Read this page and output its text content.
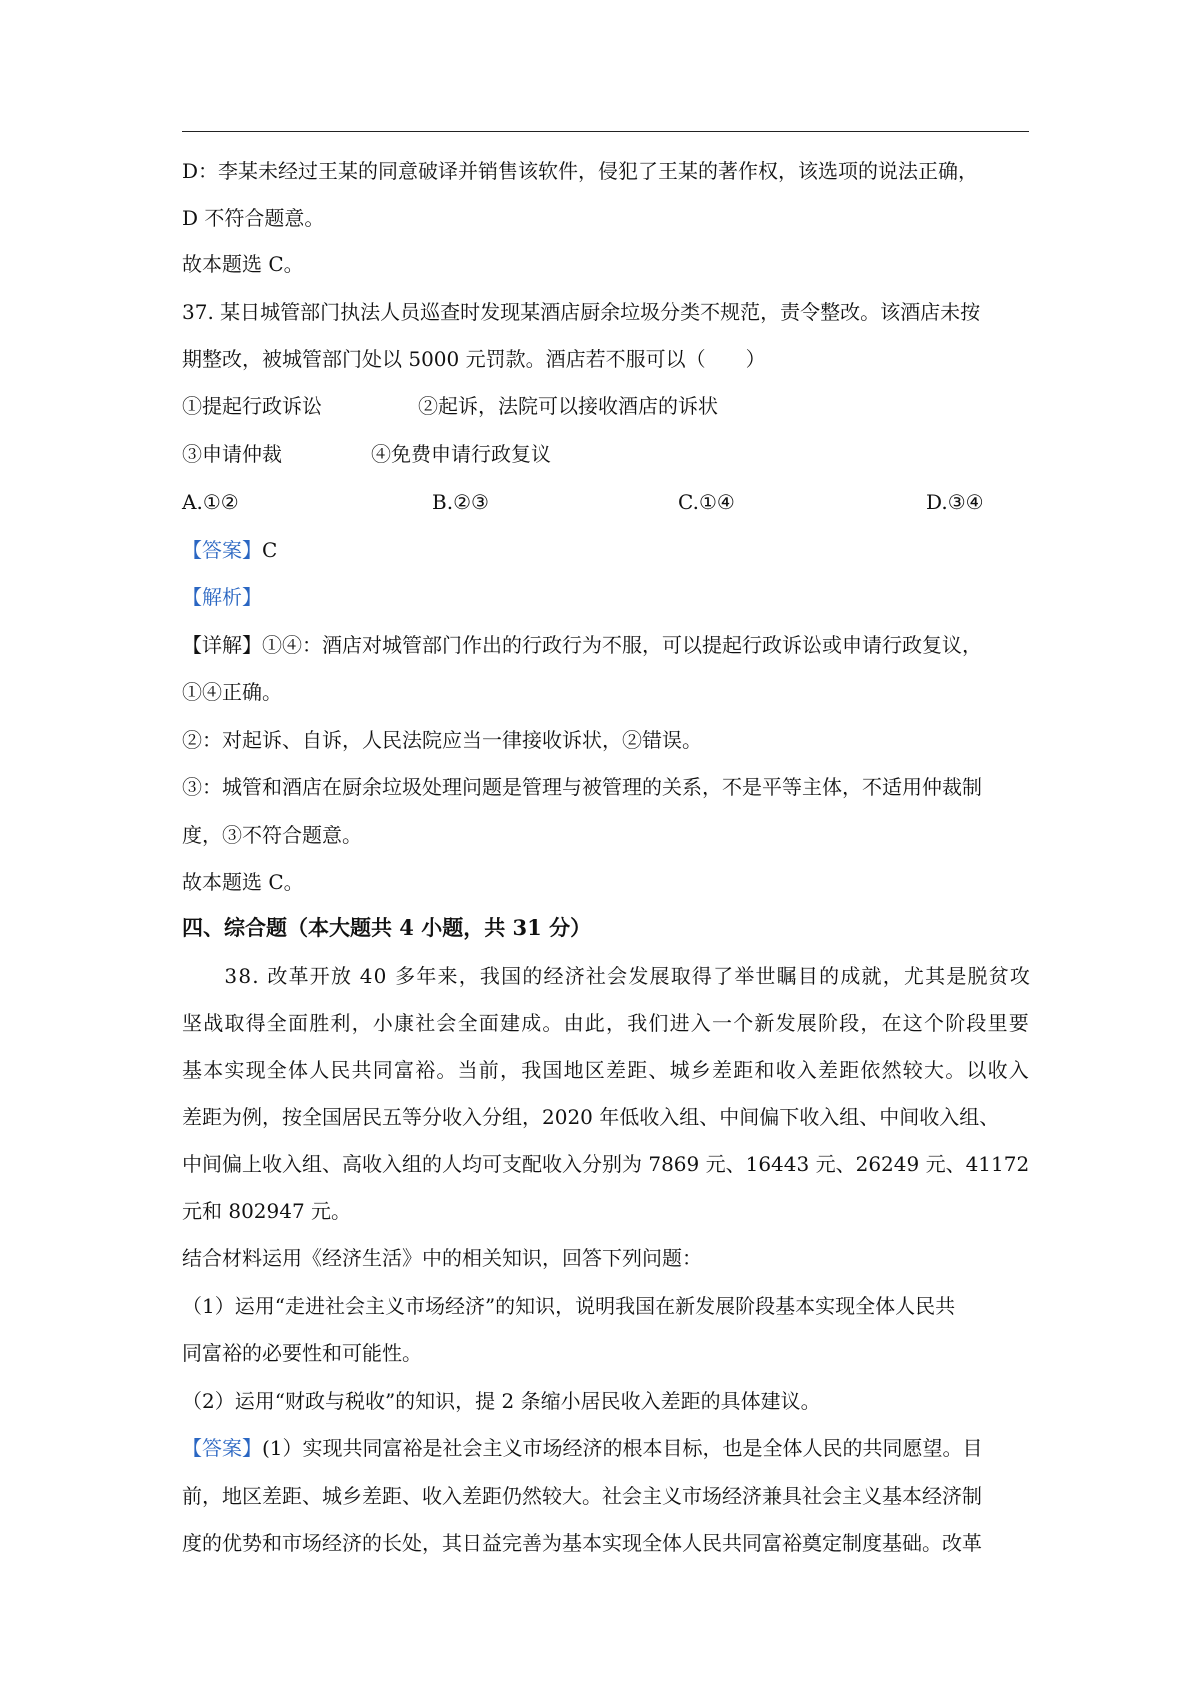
D：李某未经过王某的同意破译并销售该软件，侵犯了王某的著作权，该选项的说法正确，
D 不符合题意。
故本题选 C。
37. 某日城管部门执法人员巡查时发现某酒店厨余垃圾分类不规范，责令整改。该酒店未按
期整改，被城管部门处以 5000 元罚款。酒店若不服可以（　　）
①提起行政诉讼	②起诉，法院可以接收酒店的诉状
③申请仲裁	④免费申请行政复议
A.①②	B.②③	C.①④	D.③④
【答案】C
【解析】
【详解】①④：酒店对城管部门作出的行政行为不服，可以提起行政诉讼或申请行政复议，
①④正确。
②：对起诉、自诉，人民法院应当一律接收诉状，②错误。
③：城管和酒店在厨余垃圾处理问题是管理与被管理的关系，不是平等主体，不适用仲裁制
度，③不符合题意。
故本题选 C。
四、综合题（本大题共 4 小题，共 31 分）
　　38. 改革开放 40 多年来，我国的经济社会发展取得了举世瞩目的成就，尤其是脱贫攻
坚战取得全面胜利，小康社会全面建成。由此，我们进入一个新发展阶段，在这个阶段里要
基本实现全体人民共同富裕。当前，我国地区差距、城乡差距和收入差距依然较大。以收入
差距为例，按全国居民五等分收入分组，2020 年低收入组、中间偏下收入组、中间收入组、
中间偏上收入组、高收入组的人均可支配收入分别为 7869 元、16443 元、26249 元、41172
元和 802947 元。
结合材料运用《经济生活》中的相关知识，回答下列问题：
（1）运用“走进社会主义市场经济”的知识，说明我国在新发展阶段基本实现全体人民共
同富裕的必要性和可能性。
（2）运用“财政与税收”的知识，提 2 条缩小居民收入差距的具体建议。
【答案】(1）实现共同富裕是社会主义市场经济的根本目标，也是全体人民的共同愿望。目
前，地区差距、城乡差距、收入差距仍然较大。社会主义市场经济兼具社会主义基本经济制
度的优势和市场经济的长处，其日益完善为基本实现全体人民共同富裕奠定制度基础。改革
